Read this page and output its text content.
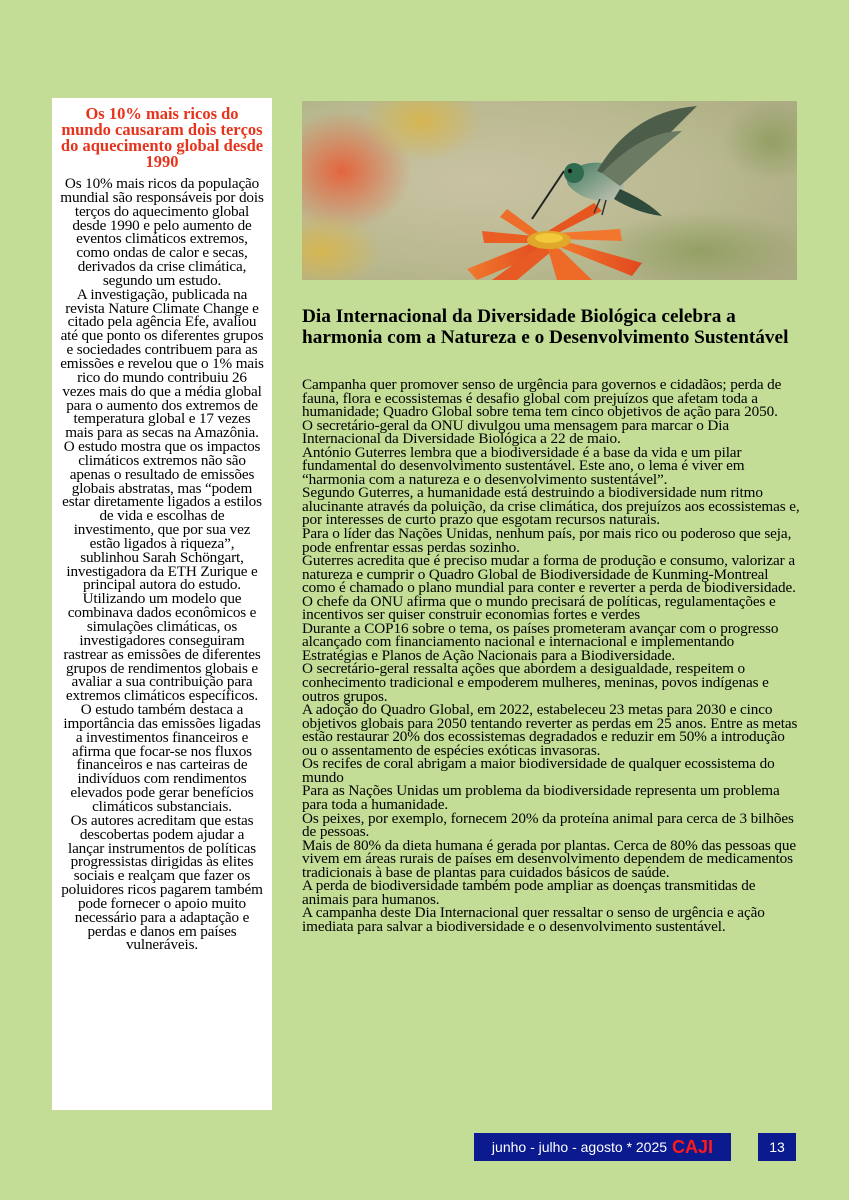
Os 10% mais ricos do mundo causaram dois terços do aquecimento global desde 1990

Os 10% mais ricos da população mundial são responsáveis por dois terços do aquecimento global desde 1990 e pelo aumento de eventos climáticos extremos, como ondas de calor e secas, derivados da crise climática, segundo um estudo.

A investigação, publicada na revista Nature Climate Change e citado pela agência Efe, avaliou até que ponto os diferentes grupos e sociedades contribuem para as emissões e revelou que o 1% mais rico do mundo contribuiu 26 vezes mais do que a média global para o aumento dos extremos de temperatura global e 17 vezes mais para as secas na Amazônia.

O estudo mostra que os impactos climáticos extremos não são apenas o resultado de emissões globais abstratas, mas “podem estar diretamente ligados a estilos de vida e escolhas de investimento, que por sua vez estão ligados à riqueza”, sublinhou Sarah Schöngart, investigadora da ETH Zurique e principal autora do estudo.

Utilizando um modelo que combinava dados econômicos e simulações climáticas, os investigadores conseguiram rastrear as emissões de diferentes grupos de rendimentos globais e avaliar a sua contribuição para extremos climáticos específicos.

O estudo também destaca a importância das emissões ligadas a investimentos financeiros e afirma que focar-se nos fluxos financeiros e nas carteiras de indivíduos com rendimentos elevados pode gerar benefícios climáticos substanciais.

Os autores acreditam que estas descobertas podem ajudar a lançar instrumentos de políticas progressistas dirigidas às elites sociais e realçam que fazer os poluidores ricos pagarem também pode fornecer o apoio muito necessário para a adaptação e perdas e danos em países vulneráveis.

Dia Internacional da Diversidade Biológica celebra a harmonia com a Natureza e o Desenvolvimento Sustentável

Campanha quer promover senso de urgência para governos e cidadãos; perda de fauna, flora e ecossistemas é desafio global com prejuízos que afetam toda a humanidade; Quadro Global sobre tema tem cinco objetivos de ação para 2050.

O secretário-geral da ONU divulgou uma mensagem para marcar o Dia Internacional da Diversidade Biológica a 22 de maio.

António Guterres lembra que a biodiversidade é a base da vida e um pilar fundamental do desenvolvimento sustentável. Este ano, o lema é viver em “harmonia com a natureza e o desenvolvimento sustentável”.

Segundo Guterres, a humanidade está destruindo a biodiversidade num ritmo alucinante através da poluição, da crise climática, dos prejuízos aos ecossistemas e, por interesses de curto prazo que esgotam recursos naturais.

Para o líder das Nações Unidas, nenhum país, por mais rico ou poderoso que seja, pode enfrentar essas perdas sozinho.

Guterres acredita que é preciso mudar a forma de produção e consumo, valorizar a natureza e cumprir o Quadro Global de Biodiversidade de Kunming-Montreal como é chamado o plano mundial para conter e reverter a perda de biodiversidade.

O chefe da ONU afirma que o mundo precisará de políticas, regulamentações e incentivos ser quiser construir economias fortes e verdes

Durante a COP16 sobre o tema, os países prometeram avançar com o progresso alcançado com financiamento nacional e internacional e implementando Estratégias e Planos de Ação Nacionais para a Biodiversidade.

O secretário-geral ressalta ações que abordem a desigualdade, respeitem o conhecimento tradicional e empoderem mulheres, meninas, povos indígenas e outros grupos.

A adoção do Quadro Global, em 2022, estabeleceu 23 metas para 2030 e cinco objetivos globais para 2050 tentando reverter as perdas em 25 anos. Entre as metas estão restaurar 20% dos ecossistemas degradados e reduzir em 50% a introdução ou o assentamento de espécies exóticas invasoras.

Os recifes de coral abrigam a maior biodiversidade de qualquer ecossistema do mundo

Para as Nações Unidas um problema da biodiversidade representa um problema para toda a humanidade.

Os peixes, por exemplo, fornecem 20% da proteína animal para cerca de 3 bilhões de pessoas.

Mais de 80% da dieta humana é gerada por plantas. Cerca de 80% das pessoas que vivem em áreas rurais de países em desenvolvimento dependem de medicamentos tradicionais à base de plantas para cuidados básicos de saúde.

A perda de biodiversidade também pode ampliar as doenças transmitidas de animais para humanos.

A campanha deste Dia Internacional quer ressaltar o senso de urgência e ação imediata para salvar a biodiversidade e o desenvolvimento sustentável.

junho - julho - agosto * 2025 CAJI	13
